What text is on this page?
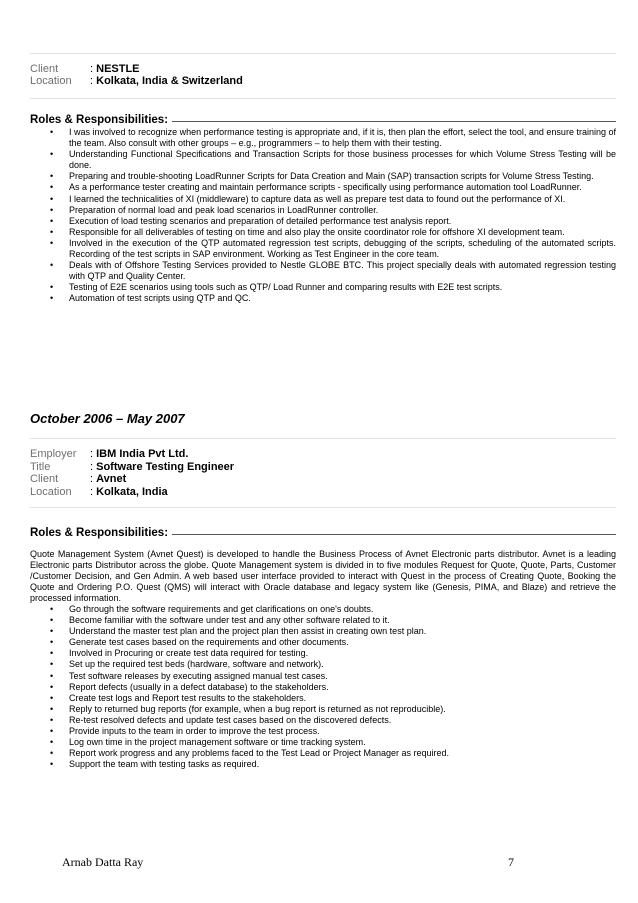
Client	: NESTLE
Location : Kolkata, India & Switzerland
Roles & Responsibilities:
• I was involved to recognize when performance testing is appropriate and, if it is, then plan the effort, select the tool, and ensure training of the team. Also consult with other groups – e.g., programmers – to help them with their testing.
• Understanding Functional Specifications and Transaction Scripts for those business processes for which Volume Stress Testing will be done.
• Preparing and trouble-shooting LoadRunner Scripts for Data Creation and Main (SAP) transaction scripts for Volume Stress Testing.
• As a performance tester creating and maintain performance scripts - specifically using performance automation tool LoadRunner.
• I learned the technicalities of XI (middleware) to capture data as well as prepare test data to found out the performance of XI.
• Preparation of normal load and peak load scenarios in LoadRunner controller.
• Execution of load testing scenarios and preparation of detailed performance test analysis report.
• Responsible for all deliverables of testing on time and also play the onsite coordinator role for offshore XI development team.
• Involved in the execution of the QTP automated regression test scripts, debugging of the scripts, scheduling of the automated scripts. Recording of the test scripts in SAP environment. Working as Test Engineer in the core team.
• Deals with of Offshore Testing Services provided to Nestle GLOBE BTC. This project specially deals with automated regression testing with QTP and Quality Center.
• Testing of E2E scenarios using tools such as QTP/ Load Runner and comparing results with E2E test scripts.
• Automation of test scripts using QTP and QC.
October 2006 – May 2007
Employer : IBM India Pvt Ltd.
Title	: Software Testing Engineer
Client	: Avnet
Location : Kolkata, India
Roles & Responsibilities:
Quote Management System (Avnet Quest) is developed to handle the Business Process of Avnet Electronic parts distributor. Avnet is a leading Electronic parts Distributor across the globe. Quote Management system is divided in to five modules Request for Quote, Quote, Parts, Customer /Customer Decision, and Gen Admin. A web based user interface provided to interact with Quest in the process of Creating Quote, Booking the Quote and Ordering P.O. Quest (QMS) will interact with Oracle database and legacy system like (Genesis, PIMA, and Blaze) and retrieve the processed information.
• Go through the software requirements and get clarifications on one's doubts.
• Become familiar with the software under test and any other software related to it.
• Understand the master test plan and the project plan then assist in creating own test plan.
• Generate test cases based on the requirements and other documents.
• Involved in Procuring or create test data required for testing.
• Set up the required test beds (hardware, software and network).
• Test software releases by executing assigned manual test cases.
• Report defects (usually in a defect database) to the stakeholders.
• Create test logs and Report test results to the stakeholders.
• Reply to returned bug reports (for example, when a bug report is returned as not reproducible).
• Re-test resolved defects and update test cases based on the discovered defects.
• Provide inputs to the team in order to improve the test process.
• Log own time in the project management software or time tracking system.
• Report work progress and any problems faced to the Test Lead or Project Manager as required.
• Support the team with testing tasks as required.
Arnab Datta Ray	7
